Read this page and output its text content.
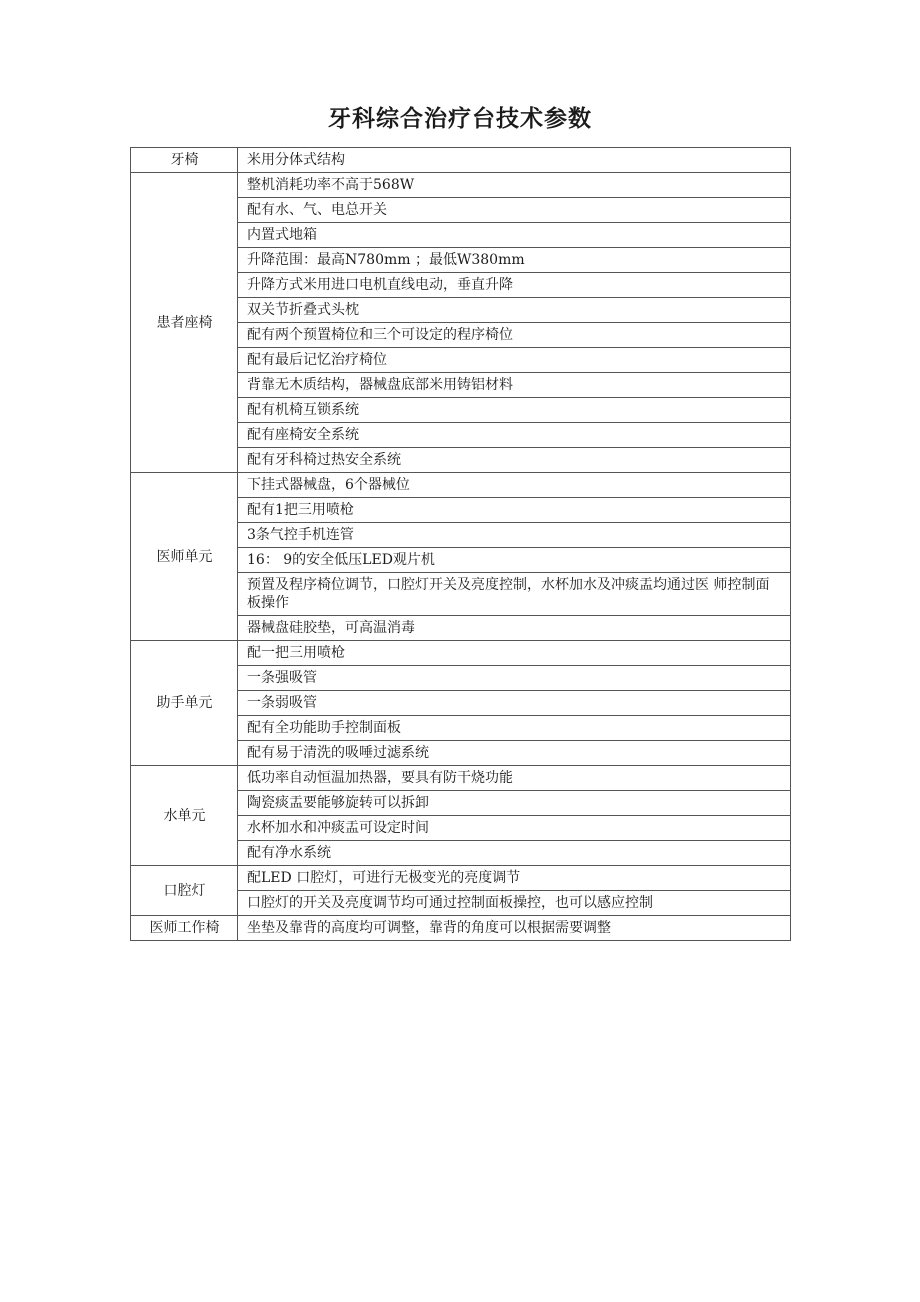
牙科综合治疗台技术参数
牙椅	米用分体式结构
患者座椅	整机消耗功率不高于568W
	配有水、气、电总开关
	内置式地箱
	升降范围：最高N780mm ；最低W380mm
	升降方式米用进口电机直线电动，垂直升降
	双关节折叠式头枕
	配有两个预置椅位和三个可设定的程序椅位
	配有最后记忆治疗椅位
	背靠无木质结构，器械盘底部米用铸铝材料
	配有机椅互锁系统
	配有座椅安全系统
	配有牙科椅过热安全系统
医师单元	下挂式器械盘，6个器械位
	配有1把三用喷枪
	3条气控手机连管
	16： 9的安全低压LED观片机
	预置及程序椅位调节，口腔灯开关及亮度控制，水杯加水及冲痰盂均通过医 师控制面板操作
	器械盘硅胶垫，可高温消毒
助手单元	配一把三用喷枪
	一条强吸管
	一条弱吸管
	配有全功能助手控制面板
	配有易于清洗的吸唾过滤系统
水单元	低功率自动恒温加热器，要具有防干烧功能
	陶瓷痰盂要能够旋转可以拆卸
	水杯加水和冲痰盂可设定时间
	配有净水系统
口腔灯	配LED 口腔灯，可进行无极变光的亮度调节
	口腔灯的开关及亮度调节均可通过控制面板操控，也可以感应控制
医师工作椅	坐垫及靠背的高度均可调整，靠背的角度可以根据需要调整
